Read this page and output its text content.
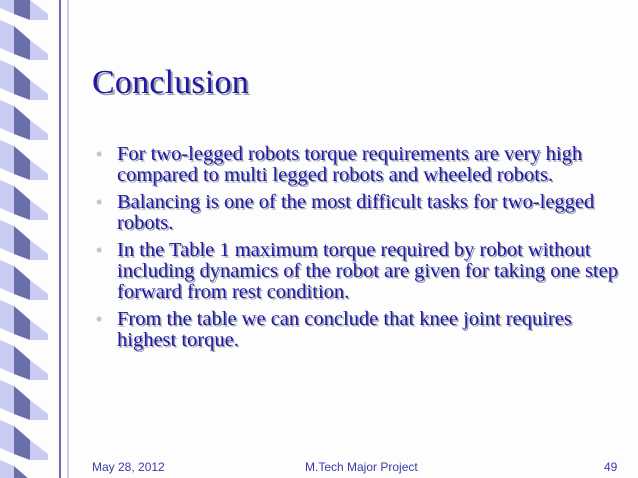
Conclusion
• For two-legged robots torque requirements are very high compared to multi legged robots and wheeled robots.
• Balancing is one of the most difficult tasks for two-legged robots.
• In the Table 1 maximum torque required by robot without including dynamics of the robot are given for taking one step forward from rest condition.
• From the table we can conclude that knee joint requires highest torque.
May 28, 2012	M.Tech Major Project	49
